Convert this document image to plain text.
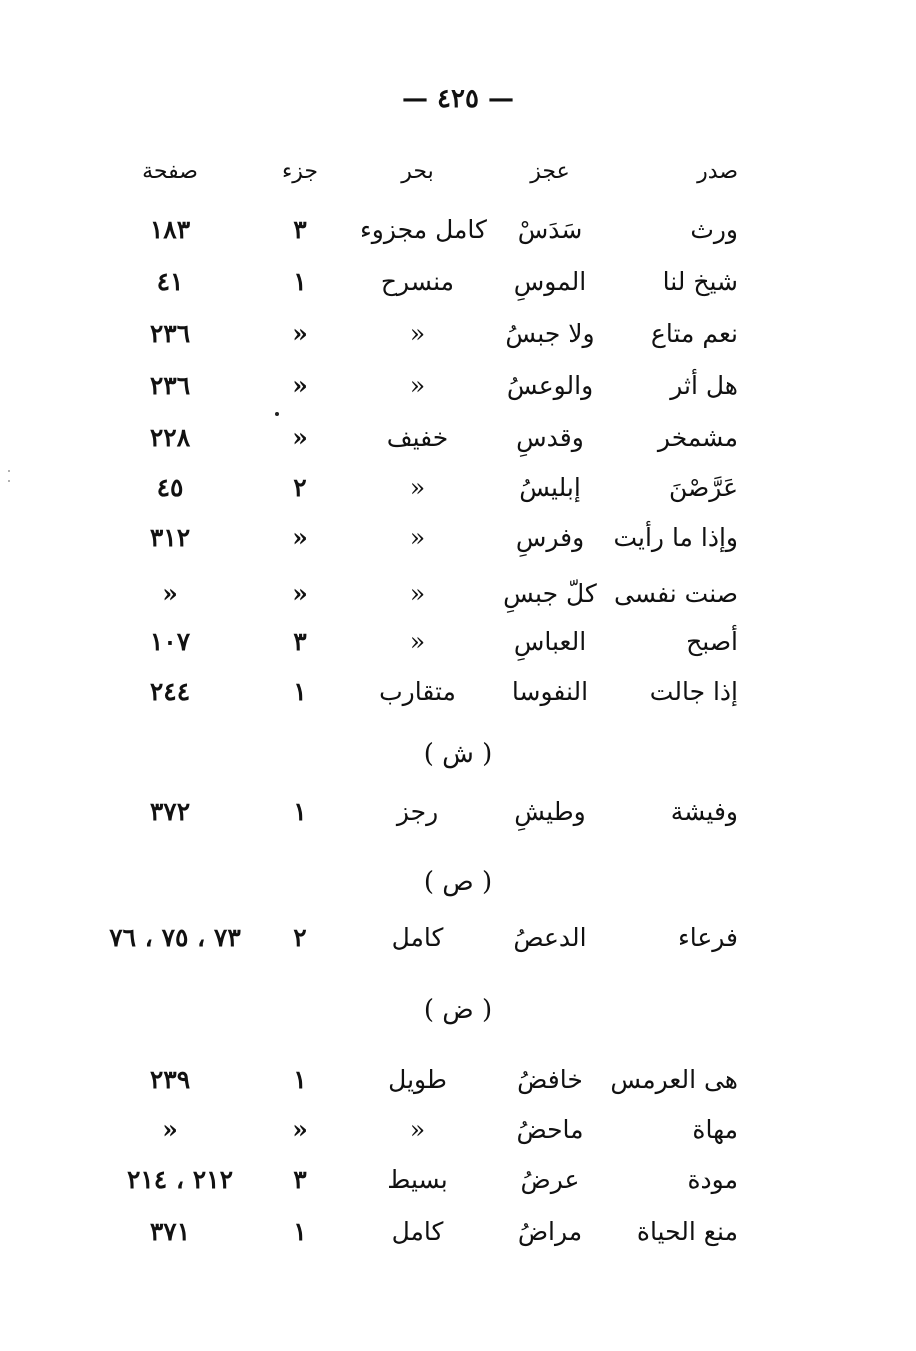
— ٤٢٥ —
صدر
عجز
بحر
جزء
صفحة
ورث
سَدَسْ
كامل مجزوء
٣
١٨٣
شيخ لنا
الموسِ
منسرح
١
٤١
نعم متاع
ولا جبسُ
»
»
٢٣٦
هل أثر
والوعسُ
»
»
٢٣٦
مشمخر
وقدسِ
خفيف
»
٢٢٨
عَرَّصْنَ
إبليسُ
»
٢
٤٥
وإذا ما رأيت
وفرسِ
»
»
٣١٢
صنت نفسى
كلّ جبسِ
»
»
»
أصبح
العباسِ
»
٣
١٠٧
إذا جالت
النفوسا
متقارب
١
٢٤٤
( ش )
وفيشة
وطيشِ
رجز
١
٣٧٢
( ص )
فرعاء
الدعصُ
كامل
٢
٧٣ ، ٧٥ ، ٧٦
( ض )
هى العرمس
خافضُ
طويل
١
٢٣٩
مهاة
ماحضُ
»
»
»
مودة
عرضُ
بسيط
٣
٢١٢ ، ٢١٤
منع الحياة
مراضُ
كامل
١
٣٧١
